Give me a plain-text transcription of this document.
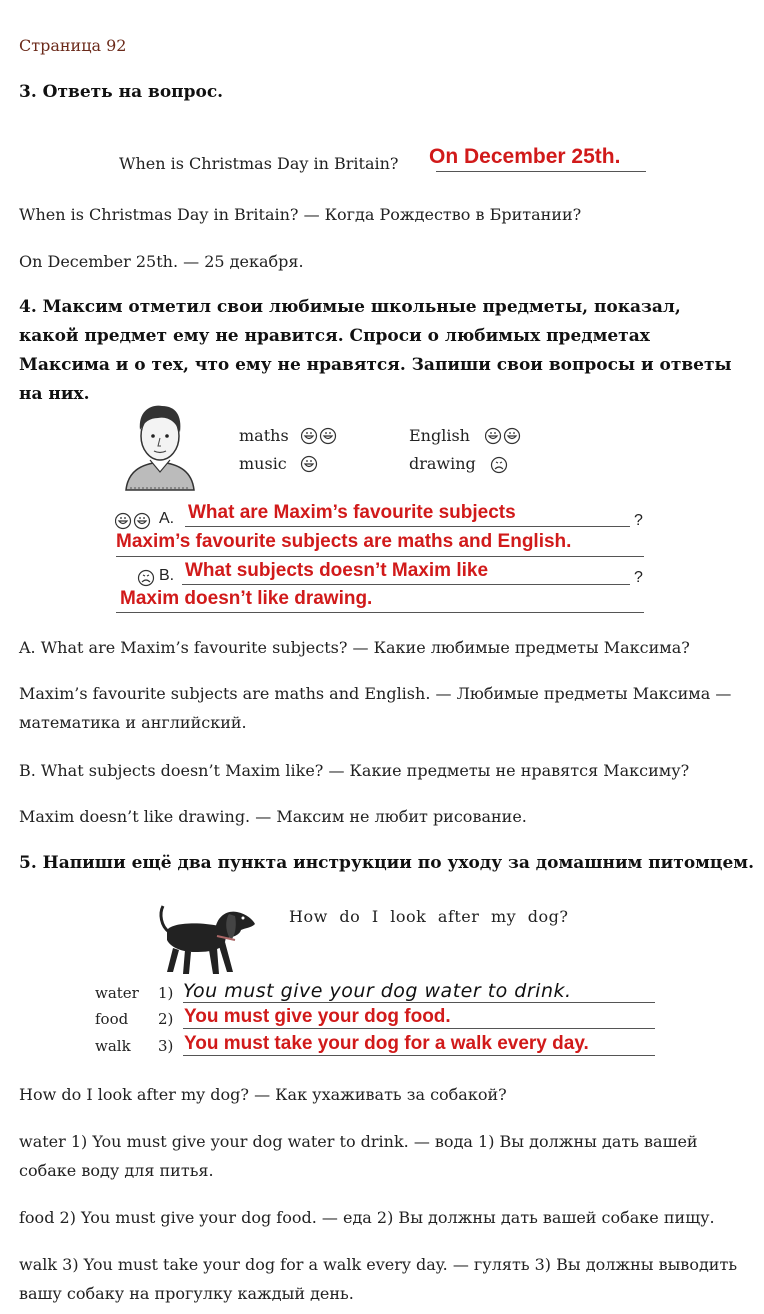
Страница 92
3. Ответь на вопрос.
When is Christmas Day in Britain? On December 25th.
When is Christmas Day in Britain? — Когда Рождество в Британии?
On December 25th. — 25 декабря.
4. Максим отметил свои любимые школьные предметы, показал, какой предмет ему не нравится. Спроси о любимых предметах Максима и о тех, что ему не нравятся. Запиши свои вопросы и ответы на них.
maths
music
English
drawing
A. What are Maxim’s favourite subjects	?
Maxim’s favourite subjects are maths and English.
B. What subjects doesn’t Maxim like	?
Maxim doesn’t like drawing.
A. What are Maxim’s favourite subjects? — Какие любимые предметы Максима?
Maxim’s favourite subjects are maths and English. — Любимые предметы Максима — математика и английский.
B. What subjects doesn’t Maxim like? — Какие предметы не нравятся Максиму?
Maxim doesn’t like drawing. — Максим не любит рисование.
5. Напиши ещё два пункта инструкции по уходу за домашним питомцем.
How do I look after my dog?
water 1) You must give your dog water to drink.
food 2) You must give your dog food.
walk 3) You must take your dog for a walk every day.
How do I look after my dog? — Как ухаживать за собакой?
water 1) You must give your dog water to drink. — вода 1) Вы должны дать вашей собаке воду для питья.
food 2) You must give your dog food. — еда 2) Вы должны дать вашей собаке пищу.
walk 3) You must take your dog for a walk every day. — гулять 3) Вы должны выводить вашу собаку на прогулку каждый день.
